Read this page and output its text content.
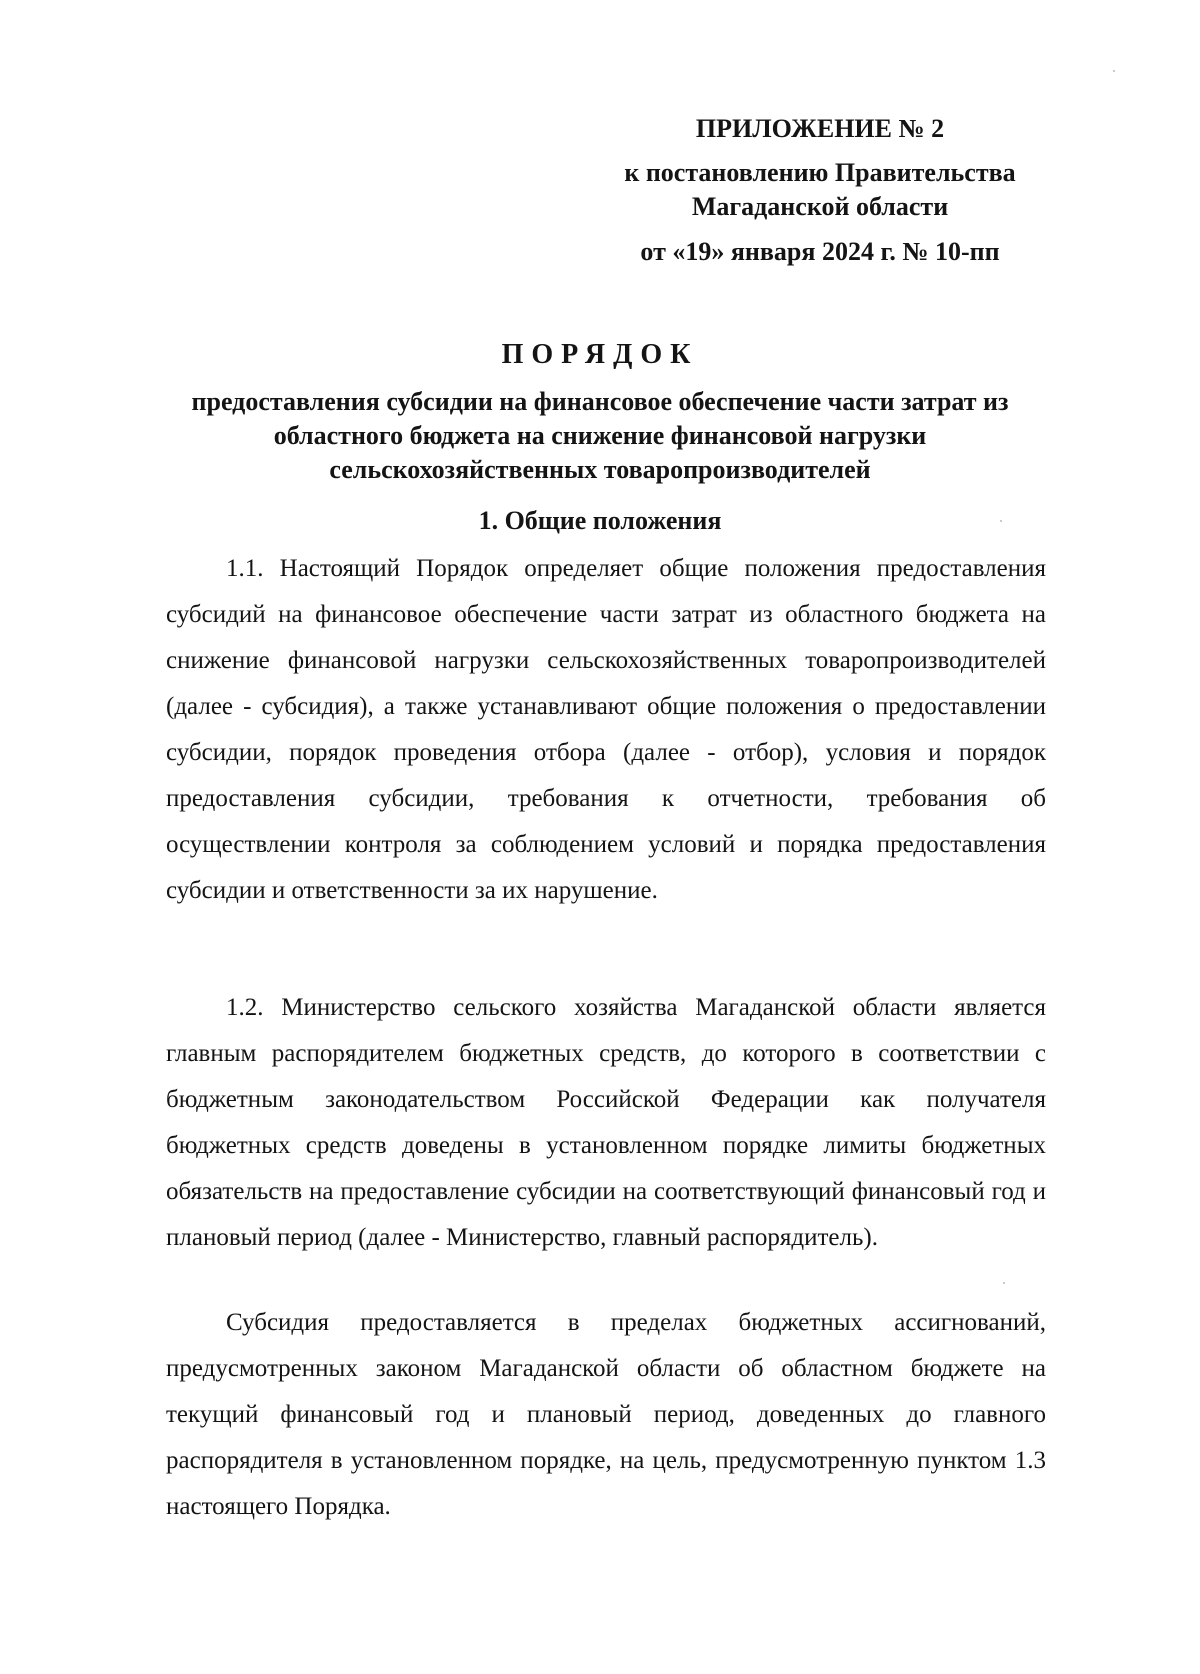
ПРИЛОЖЕНИЕ № 2
к постановлению Правительства
Магаданской области
от «19» января 2024 г. № 10-пп
ПОРЯДОК
предоставления субсидии на финансовое обеспечение части затрат из областного бюджета на снижение финансовой нагрузки сельскохозяйственных товаропроизводителей
1. Общие положения

1.1. Настоящий Порядок определяет общие положения предоставления субсидий на финансовое обеспечение части затрат из областного бюджета на снижение финансовой нагрузки сельскохозяйственных товаропроизводителей (далее - субсидия), а также устанавливают общие положения о предоставлении субсидии, порядок проведения отбора (далее - отбор), условия и порядок предоставления субсидии, требования к отчетности, требования об осуществлении контроля за соблюдением условий и порядка предоставления субсидии и ответственности за их нарушение.

1.2. Министерство сельского хозяйства Магаданской области является главным распорядителем бюджетных средств, до которого в соответствии с бюджетным законодательством Российской Федерации как получателя бюджетных средств доведены в установленном порядке лимиты бюджетных обязательств на предоставление субсидии на соответствующий финансовый год и плановый период (далее - Министерство, главный распорядитель).

Субсидия предоставляется в пределах бюджетных ассигнований, предусмотренных законом Магаданской области об областном бюджете на текущий финансовый год и плановый период, доведенных до главного распорядителя в установленном порядке, на цель, предусмотренную пунктом 1.3 настоящего Порядка.
